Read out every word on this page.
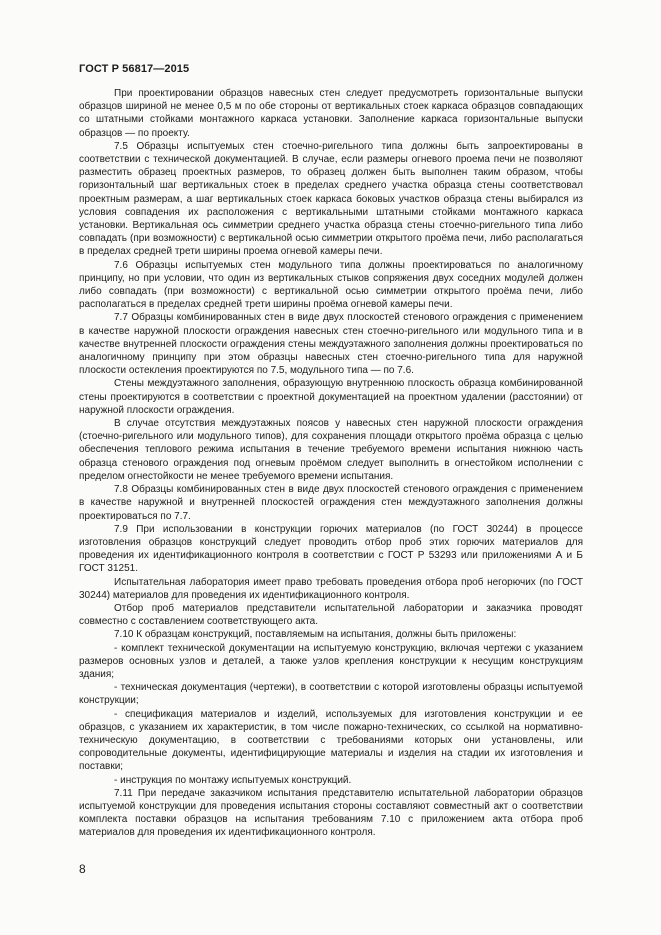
ГОСТ Р 56817—2015

При проектировании образцов навесных стен следует предусмотреть горизонтальные выпуски образцов шириной не менее 0,5 м по обе стороны от вертикальных стоек каркаса образцов совпадающих со штатными стойками монтажного каркаса установки. Заполнение каркаса горизонтальные выпуски образцов — по проекту.

7.5 Образцы испытуемых стен стоечно-ригельного типа должны быть запроектированы в соответствии с технической документацией. В случае, если размеры огневого проема печи не позволяют разместить образец проектных размеров, то образец должен быть выполнен таким образом, чтобы горизонтальный шаг вертикальных стоек в пределах среднего участка образца стены соответствовал проектным размерам, а шаг вертикальных стоек каркаса боковых участков образца стены выбирался из условия совпадения их расположения с вертикальными штатными стойками монтажного каркаса установки. Вертикальная ось симметрии среднего участка образца стены стоечно-ригельного типа либо совпадать (при возможности) с вертикальной осью симметрии открытого проёма печи, либо располагаться в пределах средней трети ширины проема огневой камеры печи.

7.6 Образцы испытуемых стен модульного типа должны проектироваться по аналогичному принципу, но при условии, что один из вертикальных стыков сопряжения двух соседних модулей должен либо совпадать (при возможности) с вертикальной осью симметрии открытого проёма печи, либо располагаться в пределах средней трети ширины проёма огневой камеры печи.

7.7 Образцы комбинированных стен в виде двух плоскостей стенового ограждения с применением в качестве наружной плоскости ограждения навесных стен стоечно-ригельного или модульного типа и в качестве внутренней плоскости ограждения стены междуэтажного заполнения должны проектироваться по аналогичному принципу при этом образцы навесных стен стоечно-ригельного типа для наружной плоскости остекления проектируются по 7.5, модульного типа — по 7.6.

Стены междуэтажного заполнения, образующую внутреннюю плоскость образца комбинированной стены проектируются в соответствии с проектной документацией на проектном удалении (расстоянии) от наружной плоскости ограждения.

В случае отсутствия междуэтажных поясов у навесных стен наружной плоскости ограждения (стоечно-ригельного или модульного типов), для сохранения площади открытого проёма образца с целью обеспечения теплового режима испытания в течение требуемого времени испытания нижнюю часть образца стенового ограждения под огневым проёмом следует выполнить в огнестойком исполнении с пределом огнестойкости не менее требуемого времени испытания.

7.8 Образцы комбинированных стен в виде двух плоскостей стенового ограждения с применением в качестве наружной и внутренней плоскостей ограждения стен междуэтажного заполнения должны проектироваться по 7.7.

7.9 При использовании в конструкции горючих материалов (по ГОСТ 30244) в процессе изготовления образцов конструкций следует проводить отбор проб этих горючих материалов для проведения их идентификационного контроля в соответствии с ГОСТ Р 53293 или приложениями А и Б ГОСТ 31251.

Испытательная лаборатория имеет право требовать проведения отбора проб негорючих (по ГОСТ 30244) материалов для проведения их идентификационного контроля.

Отбор проб материалов представители испытательной лаборатории и заказчика проводят совместно с составлением соответствующего акта.

7.10 К образцам конструкций, поставляемым на испытания, должны быть приложены:

- комплект технической документации на испытуемую конструкцию, включая чертежи с указанием размеров основных узлов и деталей, а также узлов крепления конструкции к несущим конструкциям здания;

- техническая документация (чертежи), в соответствии с которой изготовлены образцы испытуемой конструкции;

- спецификация материалов и изделий, используемых для изготовления конструкции и ее образцов, с указанием их характеристик, в том числе пожарно-технических, со ссылкой на нормативно-техническую документацию, в соответствии с требованиями которых они установлены, или сопроводительные документы, идентифицирующие материалы и изделия на стадии их изготовления и поставки;

- инструкция по монтажу испытуемых конструкций.

7.11 При передаче заказчиком испытания представителю испытательной лаборатории образцов испытуемой конструкции для проведения испытания стороны составляют совместный акт о соответствии комплекта поставки образцов на испытания требованиям 7.10 с приложением акта отбора проб материалов для проведения их идентификационного контроля.

8
